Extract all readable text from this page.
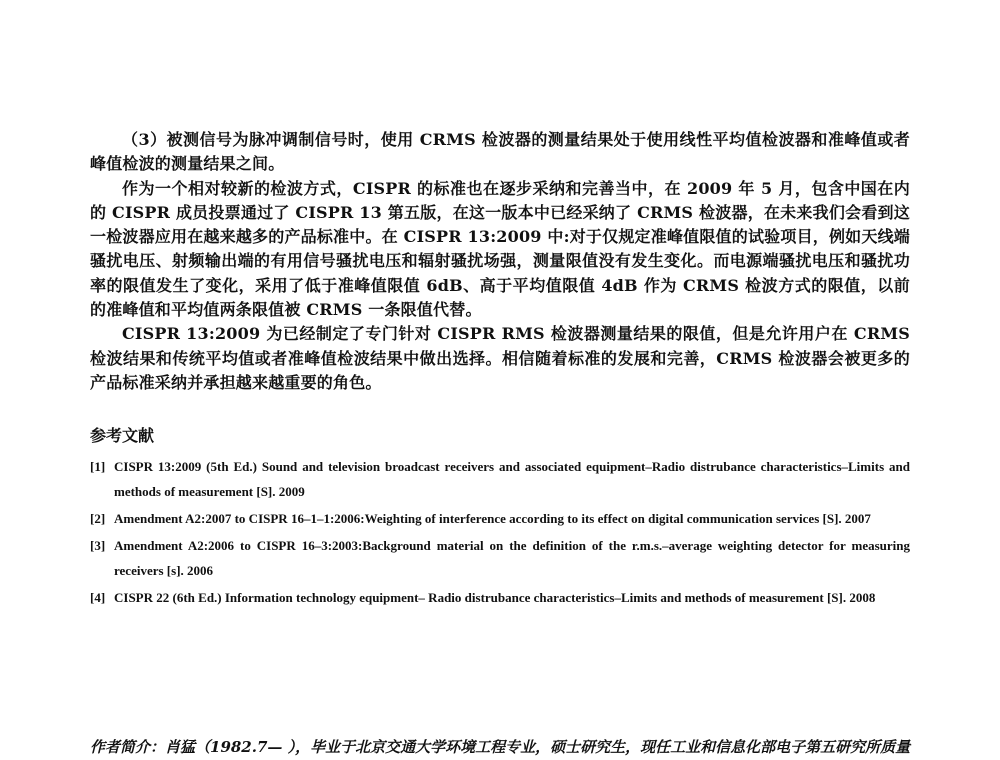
（3）被测信号为脉冲调制信号时，使用 CRMS 检波器的测量结果处于使用线性平均值检波器和准峰值或者峰值检波的测量结果之间。

作为一个相对较新的检波方式，CISPR 的标准也在逐步采纳和完善当中，在 2009 年 5 月，包含中国在内的 CISPR 成员投票通过了 CISPR 13 第五版，在这一版本中已经采纳了 CRMS 检波器，在未来我们会看到这一检波器应用在越来越多的产品标准中。在 CISPR 13:2009 中:对于仅规定准峰值限值的试验项目，例如天线端骚扰电压、射频输出端的有用信号骚扰电压和辐射骚扰场强，测量限值没有发生变化。而电源端骚扰电压和骚扰功率的限值发生了变化，采用了低于准峰值限值 6dB、高于平均值限值 4dB 作为 CRMS 检波方式的限值，以前的准峰值和平均值两条限值被 CRMS 一条限值代替。

CISPR 13:2009 为已经制定了专门针对 CISPR RMS 检波器测量结果的限值，但是允许用户在 CRMS 检波结果和传统平均值或者准峰值检波结果中做出选择。相信随着标准的发展和完善，CRMS 检波器会被更多的产品标准采纳并承担越来越重要的角色。

参考文献
[1] CISPR 13:2009 (5th Ed.) Sound and television broadcast receivers and associated equipment–Radio distrubance characteristics–Limits and methods of measurement [S]. 2009
[2] Amendment A2:2007 to CISPR 16–1–1:2006:Weighting of interference according to its effect on digital communication services [S]. 2007
[3] Amendment A2:2006 to CISPR 16–3:2003:Background material on the definition of the r.m.s.–average weighting detector for measuring receivers [s]. 2006
[4] CISPR 22 (6th Ed.) Information technology equipment– Radio distrubance characteristics–Limits and methods of measurement [S]. 2008
作者简介：肖猛（1982.7— ），毕业于北京交通大学环境工程专业，硕士研究生，现任工业和信息化部电子第五研究所质量
